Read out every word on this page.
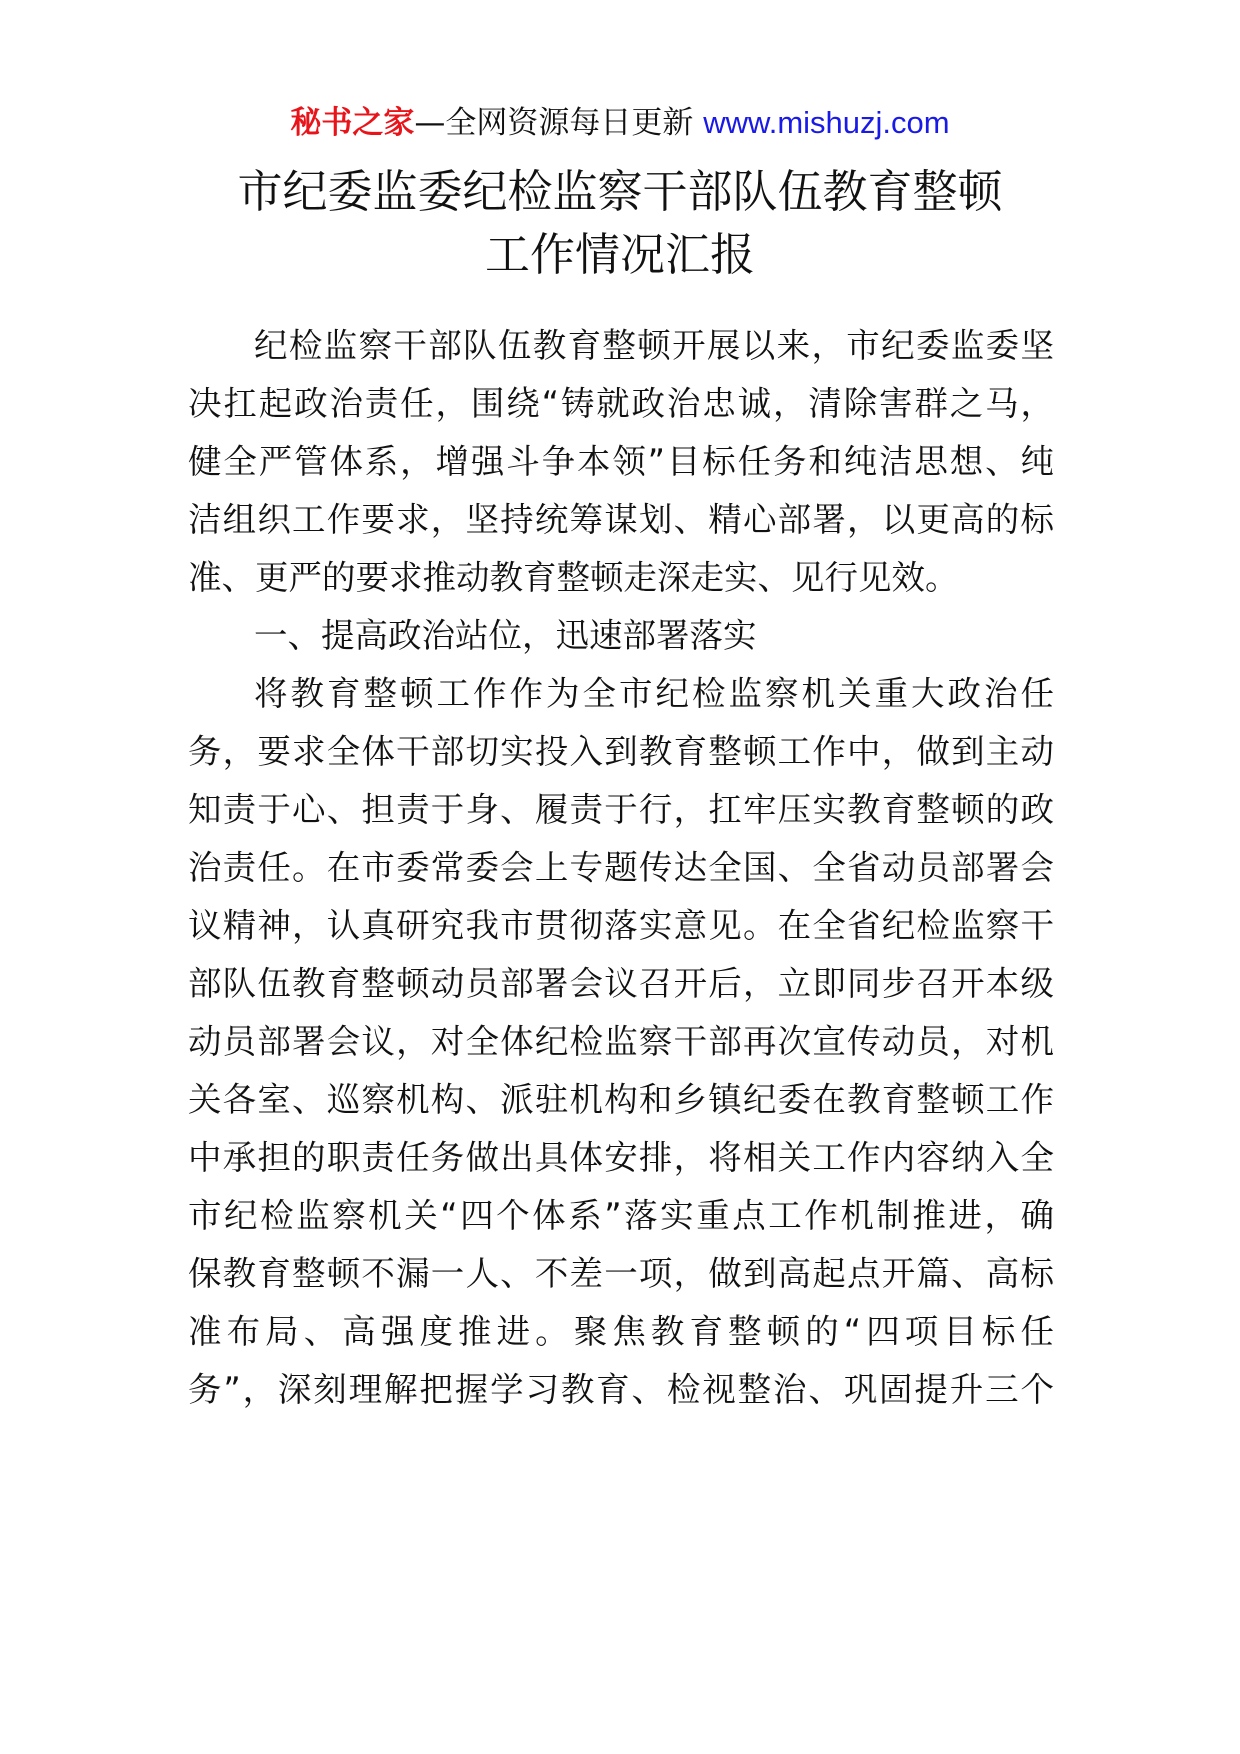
秘书之家—全网资源每日更新 www.mishuzj.com
市纪委监委纪检监察干部队伍教育整顿
工作情况汇报
纪检监察干部队伍教育整顿开展以来，市纪委监委坚
决扛起政治责任，围绕“铸就政治忠诚，清除害群之马，
健全严管体系，增强斗争本领”目标任务和纯洁思想、纯
洁组织工作要求，坚持统筹谋划、精心部署，以更高的标
准、更严的要求推动教育整顿走深走实、见行见效。
一、提高政治站位，迅速部署落实
将教育整顿工作作为全市纪检监察机关重大政治任
务，要求全体干部切实投入到教育整顿工作中，做到主动
知责于心、担责于身、履责于行，扛牢压实教育整顿的政
治责任。在市委常委会上专题传达全国、全省动员部署会
议精神，认真研究我市贯彻落实意见。在全省纪检监察干
部队伍教育整顿动员部署会议召开后，立即同步召开本级
动员部署会议，对全体纪检监察干部再次宣传动员，对机
关各室、巡察机构、派驻机构和乡镇纪委在教育整顿工作
中承担的职责任务做出具体安排，将相关工作内容纳入全
市纪检监察机关“四个体系”落实重点工作机制推进，确
保教育整顿不漏一人、不差一项，做到高起点开篇、高标
准布局、高强度推进。聚焦教育整顿的“四项目标任
务”，深刻理解把握学习教育、检视整治、巩固提升三个
